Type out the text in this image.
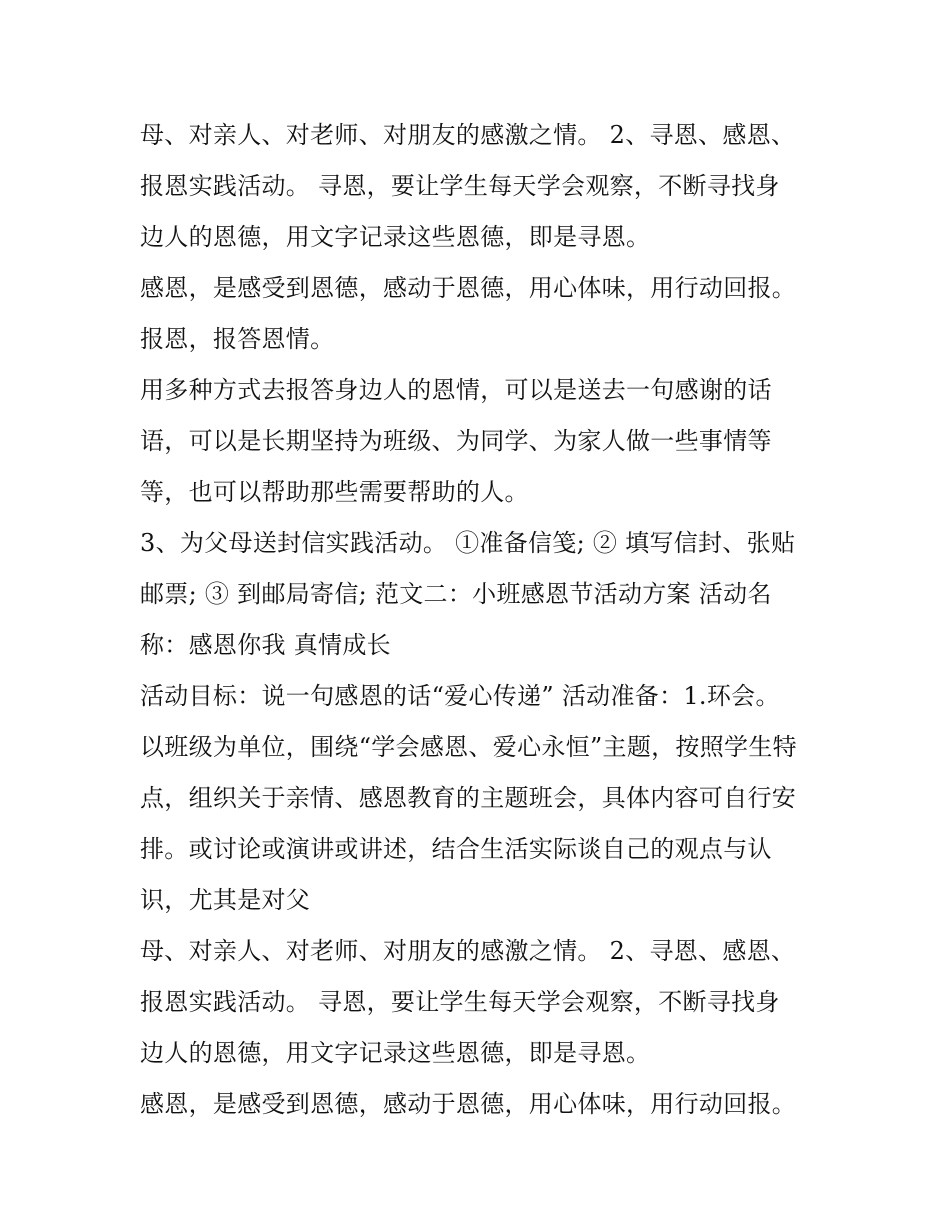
母、对亲人、对老师、对朋友的感激之情。 2、寻恩、感恩、
报恩实践活动。 寻恩，要让学生每天学会观察，不断寻找身
边人的恩德，用文字记录这些恩德，即是寻恩。
感恩，是感受到恩德，感动于恩德，用心体味，用行动回报。
报恩，报答恩情。
用多种方式去报答身边人的恩情，可以是送去一句感谢的话
语，可以是长期坚持为班级、为同学、为家人做一些事情等
等，也可以帮助那些需要帮助的人。
3、为父母送封信实践活动。 ①准备信笺; ② 填写信封、张贴
邮票; ③ 到邮局寄信; 范文二：小班感恩节活动方案 活动名
称：感恩你我 真情成长
活动目标：说一句感恩的话“爱心传递” 活动准备：1.环会。
以班级为单位，围绕“学会感恩、爱心永恒”主题，按照学生特
点，组织关于亲情、感恩教育的主题班会，具体内容可自行安
排。或讨论或演讲或讲述，结合生活实际谈自己的观点与认
识，尤其是对父
母、对亲人、对老师、对朋友的感激之情。 2、寻恩、感恩、
报恩实践活动。 寻恩，要让学生每天学会观察，不断寻找身
边人的恩德，用文字记录这些恩德，即是寻恩。
感恩，是感受到恩德，感动于恩德，用心体味，用行动回报。
